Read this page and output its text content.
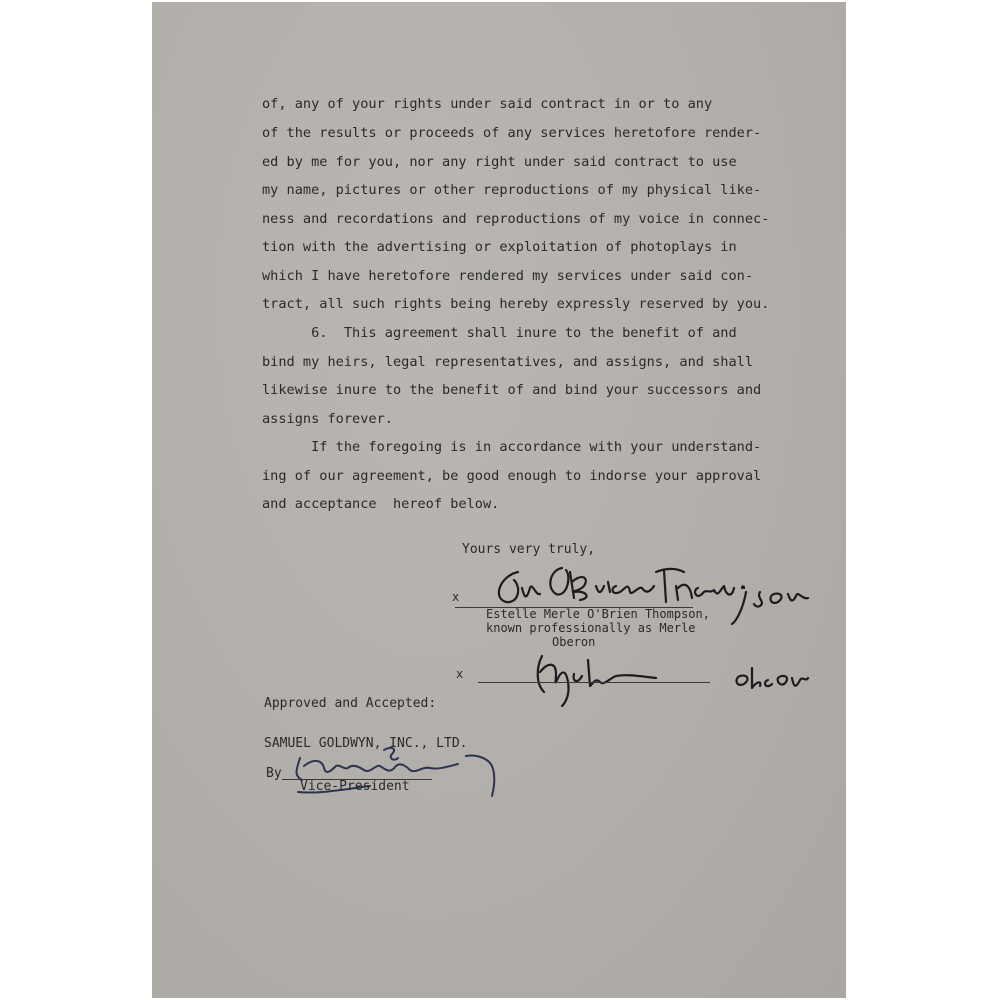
of, any of your rights under said contract in or to any
of the results or proceeds of any services heretofore render-
ed by me for you, nor any right under said contract to use
my name, pictures or other reproductions of my physical like-
ness and recordations and reproductions of my voice in connec-
tion with the advertising or exploitation of photoplays in
which I have heretofore rendered my services under said con-
tract, all such rights being hereby expressly reserved by you.
6.  This agreement shall inure to the benefit of and
bind my heirs, legal representatives, and assigns, and shall
likewise inure to the benefit of and bind your successors and
assigns forever.
If the foregoing is in accordance with your understand-
ing of our agreement, be good enough to indorse your approval
and acceptance  hereof below.
Yours very truly,
x
Estelle Merle O'Brien Thompson,
known professionally as Merle
Oberon
x
Approved and Accepted:
SAMUEL GOLDWYN, INC., LTD.
By
Vice-President
